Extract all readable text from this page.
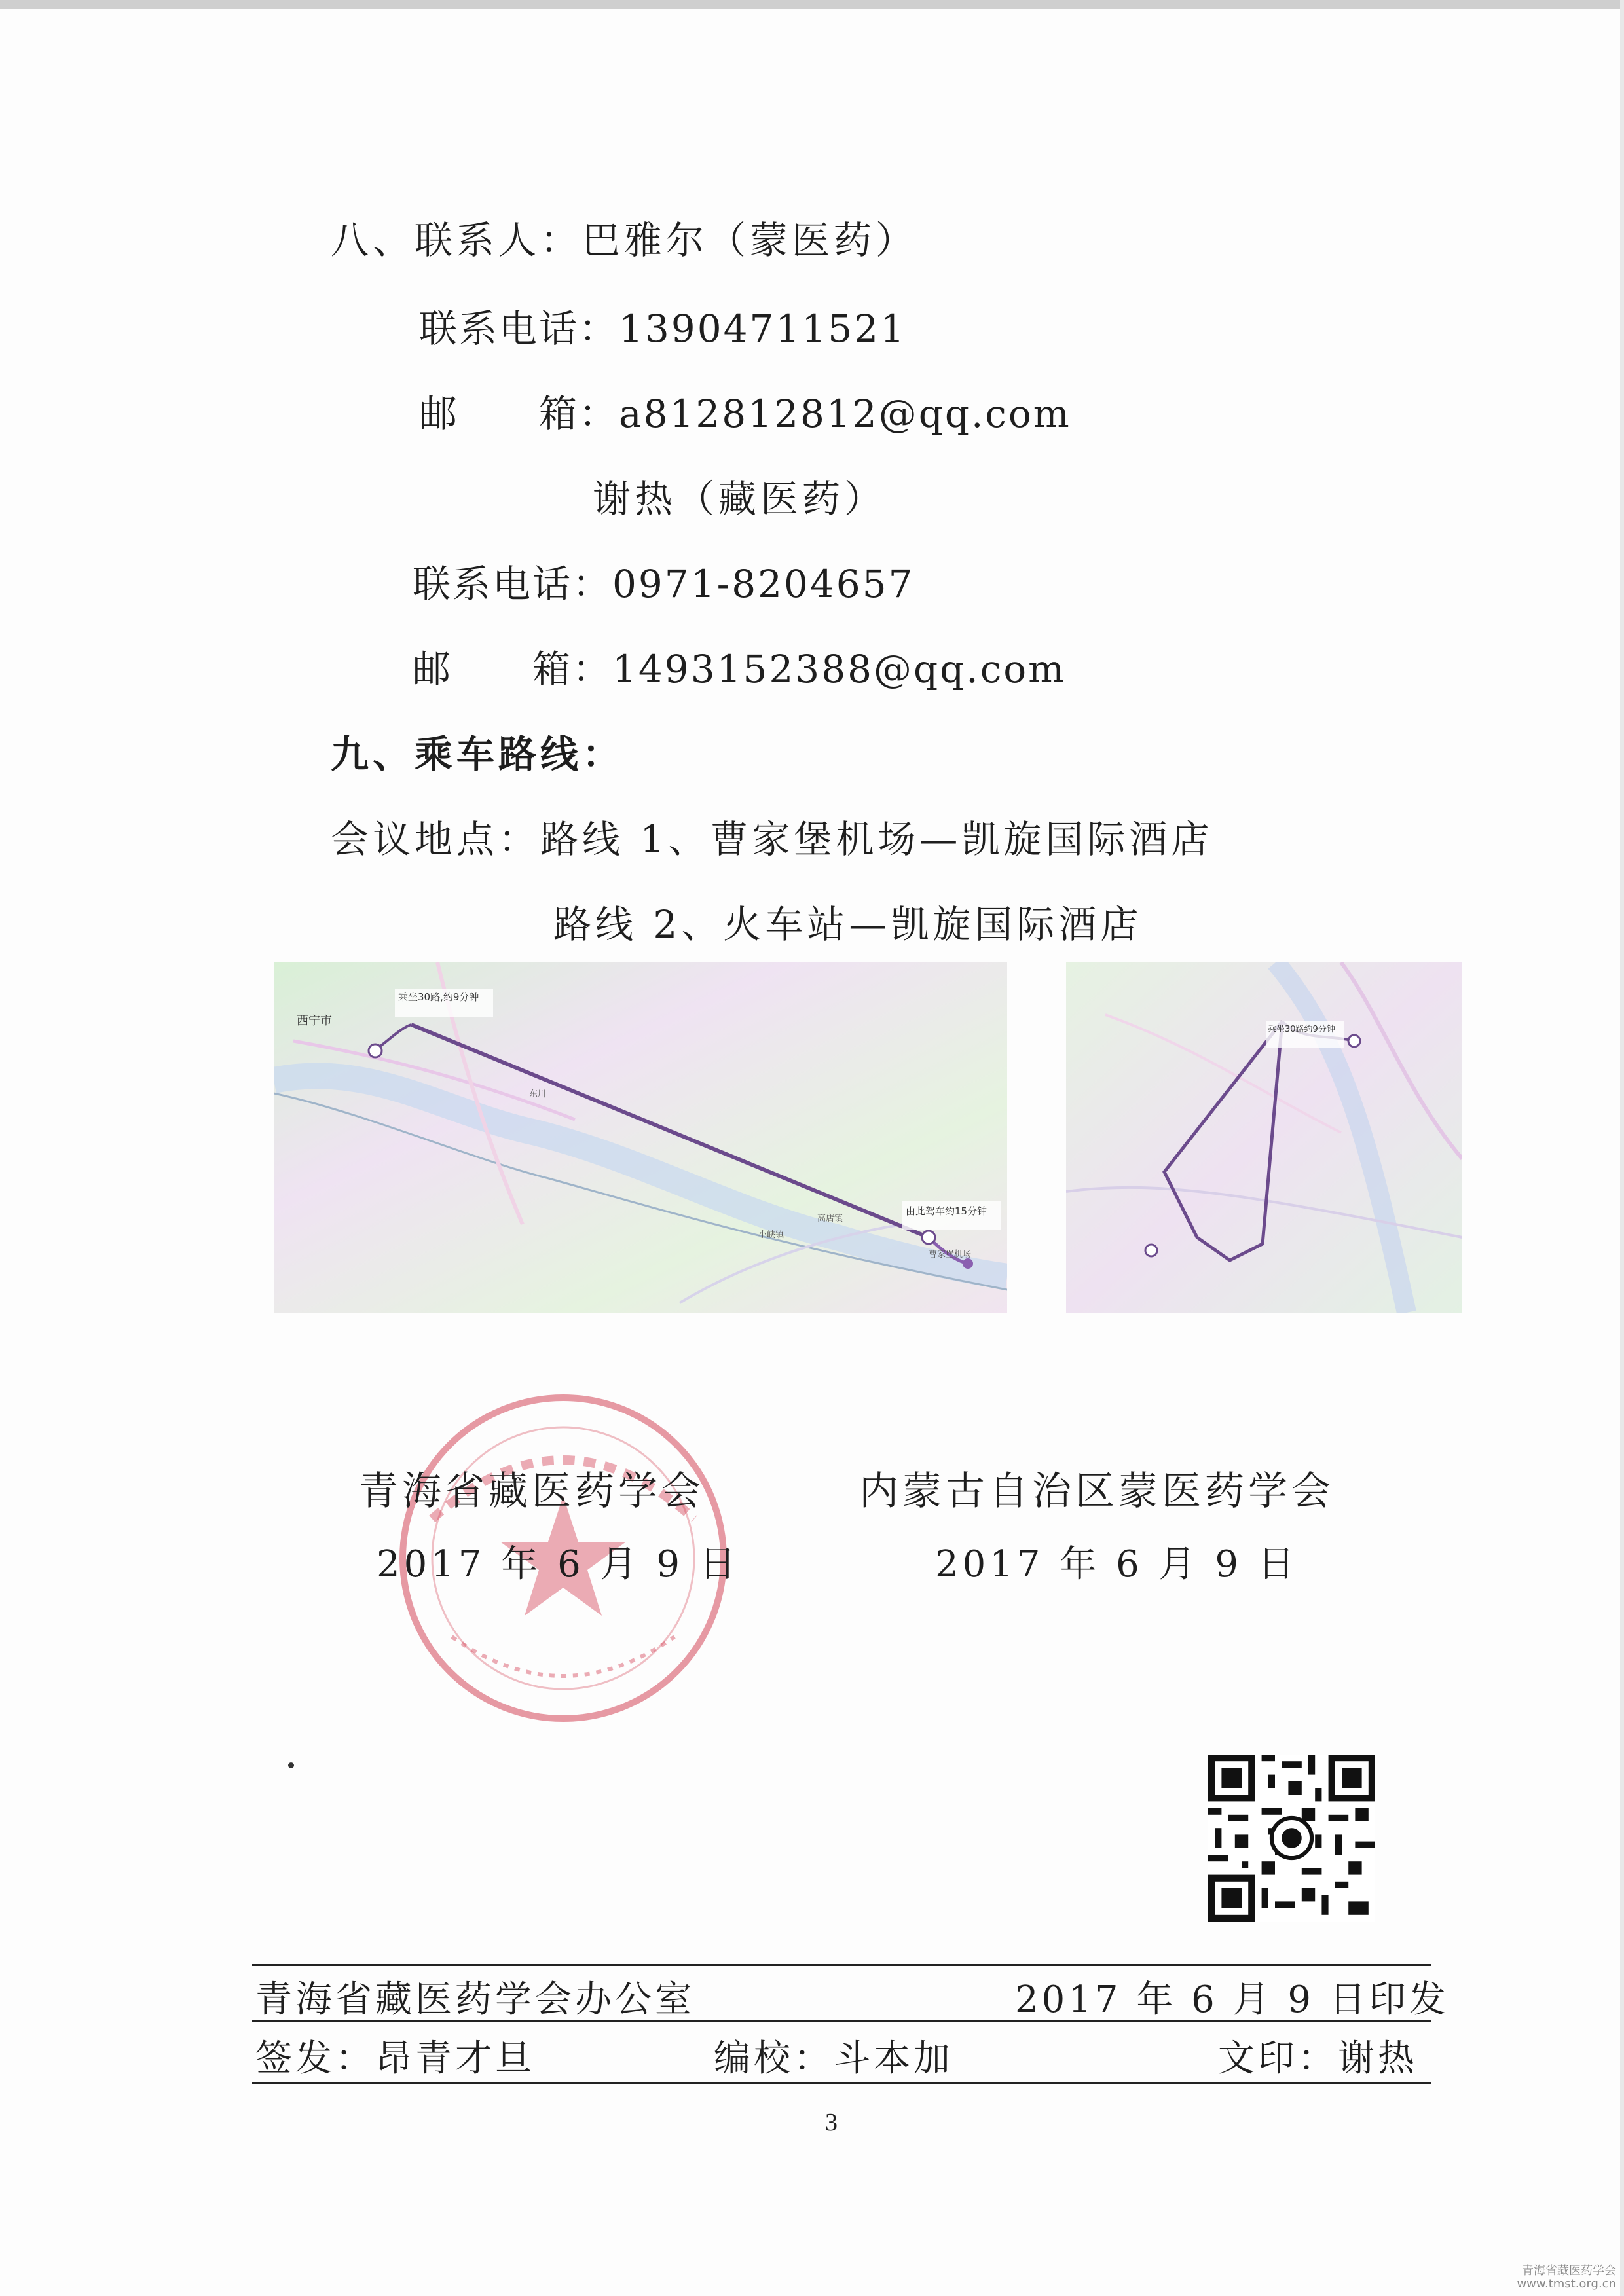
八、联系人：巴雅尔（蒙医药）
联系电话：13904711521
邮　　箱：a812812812@qq.com
谢热（藏医药）
联系电话：0971-8204657
邮　　箱：1493152388@qq.com
九、乘车路线：
会议地点：路线 1、曹家堡机场—凯旋国际酒店
路线 2、火车站—凯旋国际酒店
乘坐30路,约9分钟
由此驾车约15分钟
西宁市
曹家堡机场
小峡镇
高店镇
东川
乘坐30路约9分钟
青海省藏医药学会
2017 年 6 月 9 日
内蒙古自治区蒙医药学会
2017 年 6 月 9 日
青海省藏医药学会办公室	2017 年 6 月 9 日印发
签发：昂青才旦	编校：斗本加	文印：谢热
3
青海省藏医药学会
www.tmst.org.cn
